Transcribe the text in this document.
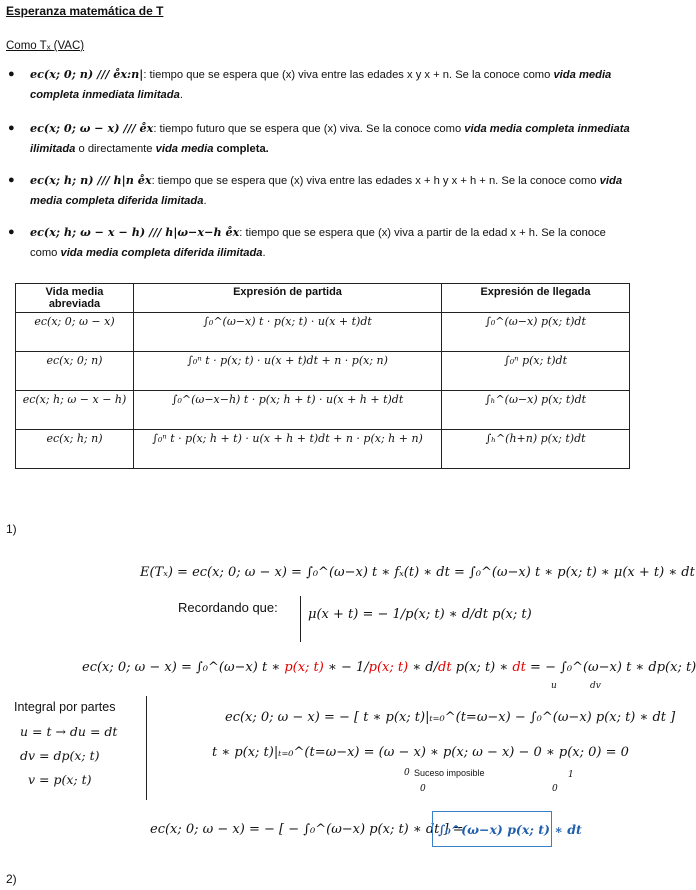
Esperanza matemática de T
Como Tₓ (VAC)
● ec(x; 0; n) /// e̊x:n|: tiempo que se espera que (x) viva entre las edades x y x + n. Se la conoce como vida media completa inmediata limitada.
● ec(x; 0; ω − x) /// e̊x: tiempo futuro que se espera que (x) viva. Se la conoce como vida media completa inmediata ilimitada o directamente vida media completa.
● ec(x; h; n) /// h|n e̊x: tiempo que se espera que (x) viva entre las edades x + h y x + h + n. Se la conoce como vida media completa diferida limitada.
● ec(x; h; ω − x − h) /// h|ω−x−h e̊x: tiempo que se espera que (x) viva a partir de la edad x + h. Se la conoce como vida media completa diferida ilimitada.
Vida media abreviada	Expresión de partida	Expresión de llegada
ec(x; 0; ω − x)	∫₀^(ω−x) t · p(x; t) · u(x + t)dt	∫₀^(ω−x) p(x; t)dt
ec(x; 0; n)	∫₀ⁿ t · p(x; t) · u(x + t)dt + n · p(x; n)	∫₀ⁿ p(x; t)dt
ec(x; h; ω − x − h)	∫₀^(ω−x−h) t · p(x; h + t) · u(x + h + t)dt	∫ₕ^(ω−x) p(x; t)dt
ec(x; h; n)	∫₀ⁿ t · p(x; h + t) · u(x + h + t)dt + n · p(x; h + n)	∫ₕ^(h+n) p(x; t)dt
1)
E(Tₓ) = ec(x; 0; ω − x) = ∫₀^(ω−x) t ∗ fₓ(t) ∗ dt = ∫₀^(ω−x) t ∗ p(x; t) ∗ μ(x + t) ∗ dt
Recordando que: μ(x + t) = − 1/p(x; t) ∗ d/dt p(x; t)
ec(x; 0; ω − x) = ∫₀^(ω−x) t ∗ p(x; t) ∗ − 1/p(x; t) ∗ d/dt p(x; t) ∗ dt = − ∫₀^(ω−x) t ∗ dp(x; t)
u	dv
Integral por partes
u = t → du = dt
dv = dp(x; t)
v = p(x; t)
ec(x; 0; ω − x) = − [ t ∗ p(x; t)|ₜ₌₀^(t=ω−x) − ∫₀^(ω−x) p(x; t) ∗ dt ]
t ∗ p(x; t)|ₜ₌₀^(t=ω−x) = (ω − x) ∗ p(x; ω − x) − 0 ∗ p(x; 0) = 0
0 Suceso imposible
0
1
0
ec(x; 0; ω − x) = − [ − ∫₀^(ω−x) p(x; t) ∗ dt ] =
∫₀^(ω−x) p(x; t) ∗ dt
2)
